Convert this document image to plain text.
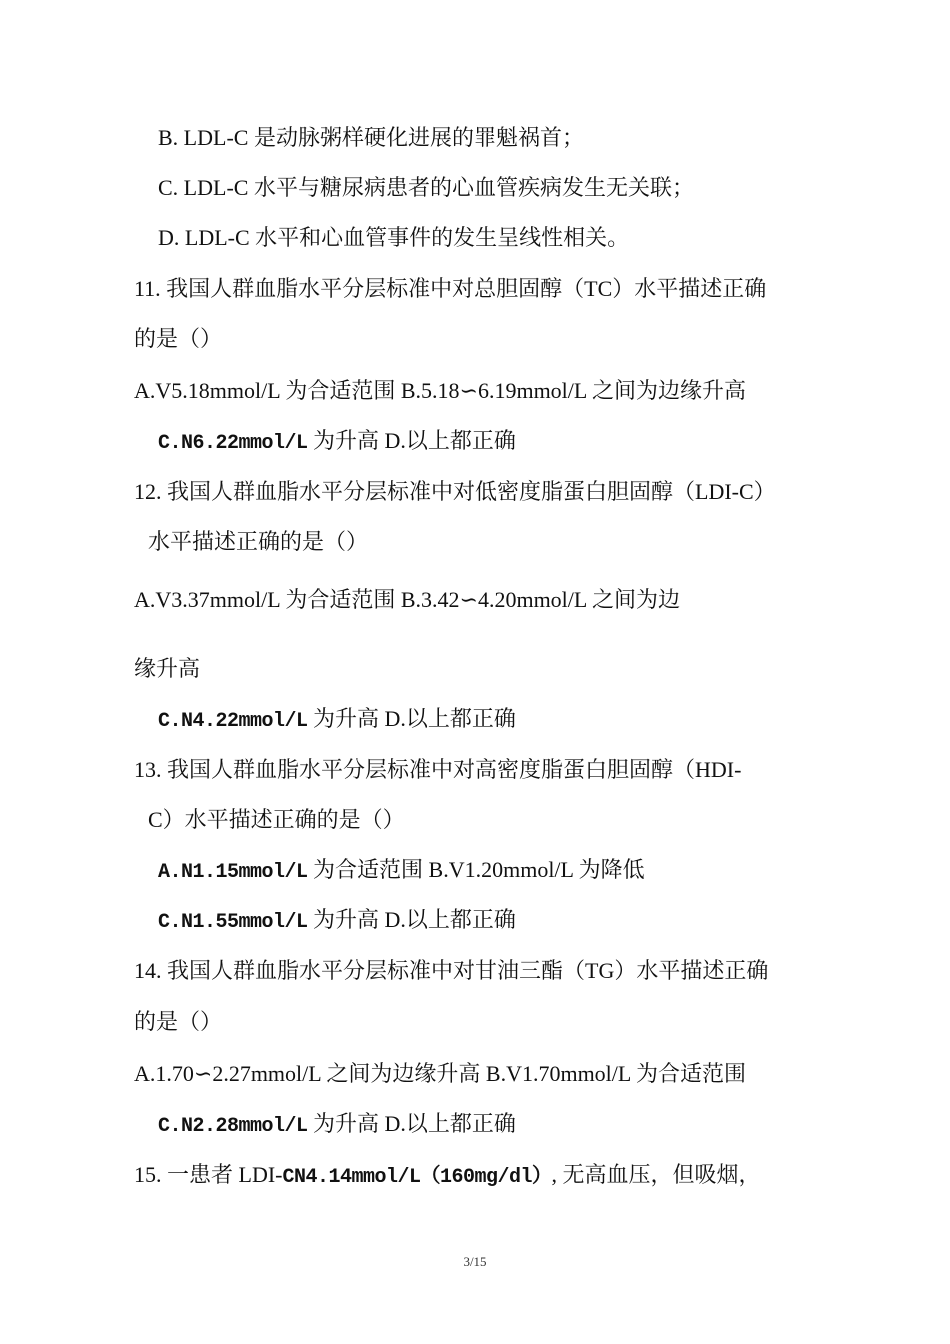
B. LDL-C 是动脉粥样硬化进展的罪魁祸首；
C. LDL-C 水平与糖尿病患者的心血管疾病发生无关联；
D. LDL-C 水平和心血管事件的发生呈线性相关。
11. 我国人群血脂水平分层标准中对总胆固醇（TC）水平描述正确
的是（）
A.V5.18mmol/L 为合适范围 B.5.18∽6.19mmol/L 之间为边缘升高
C.N6.22mmol/L 为升高 D.以上都正确
12. 我国人群血脂水平分层标准中对低密度脂蛋白胆固醇（LDI-C）
水平描述正确的是（）
A.V3.37mmol/L 为合适范围 B.3.42∽4.20mmol/L 之间为边
缘升高
C.N4.22mmol/L 为升高 D.以上都正确
13. 我国人群血脂水平分层标准中对高密度脂蛋白胆固醇（HDI-
C）水平描述正确的是（）
A.N1.15mmol/L 为合适范围 B.V1.20mmol/L 为降低
C.N1.55mmol/L 为升高 D.以上都正确
14. 我国人群血脂水平分层标准中对甘油三酯（TG）水平描述正确
的是（）
A.1.70∽2.27mmol/L 之间为边缘升高 B.V1.70mmol/L 为合适范围
C.N2.28mmol/L 为升高 D.以上都正确
15. 一患者 LDI-CN4.14mmol/L（160mg/dl）, 无高血压，但吸烟，
3/15
